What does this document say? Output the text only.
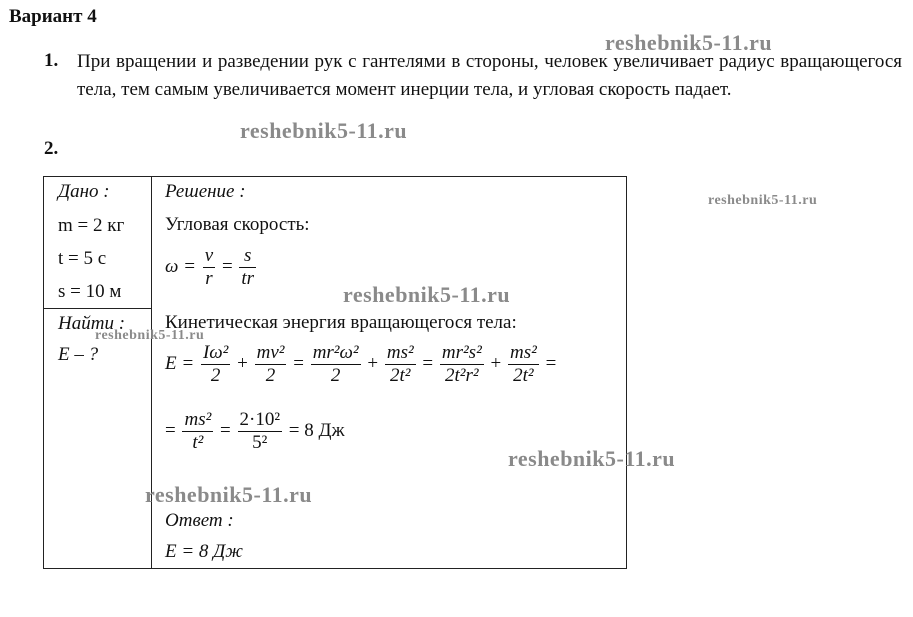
Вариант 4
1. При вращении и разведении рук с гантелями в стороны, человек увеличивает радиус вращающегося тела, тем самым увеличивается момент инерции тела, и угловая скорость падает.
2.
Дано :
m = 2 кг
t = 5 с
s = 10 м
Найти :
E – ?
Решение :
Угловая скорость:
$\omega = \frac{v}{r} = \frac{s}{tr}$
Кинетическая энергия вращающегося тела:
$E = \frac{\text{Iω²}}{2} + \frac{\text{mv²}}{2} = \frac{\text{mr²ω²}}{2} + \frac{\text{ms²}}{\text{2t²}} = \frac{\text{mr²s²}}{\text{2t²r²}} + \frac{\text{ms²}}{\text{2t²}}$ =
= $\frac{\text{ms²}}{\text{t²}} = \frac{\text{2·10²}}{\text{5²}} = 8$ Дж
Ответ :
E = 8 Дж
reshebnik5-11.ru
reshebnik5-11.ru
reshebnik5-11.ru
reshebnik5-11.ru
reshebnik5-11.ru
reshebnik5-11.ru
reshebnik5-11.ru
